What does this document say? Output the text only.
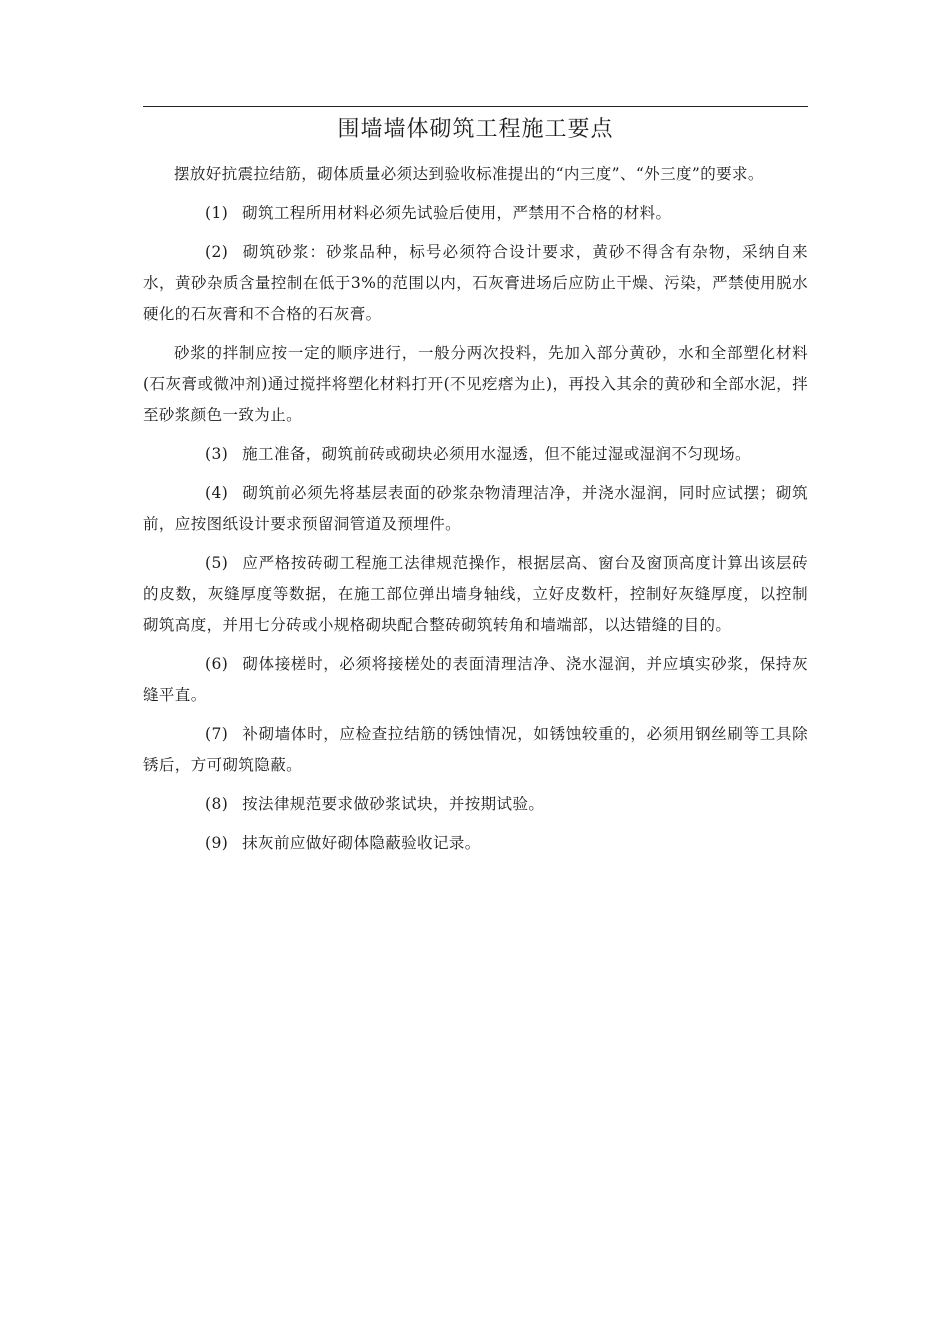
围墙墙体砌筑工程施工要点

摆放好抗震拉结筋，砌体质量必须达到验收标准提出的“内三度”、“外三度”的要求。

(1) 砌筑工程所用材料必须先试验后使用，严禁用不合格的材料。

(2) 砌筑砂浆：砂浆品种，标号必须符合设计要求，黄砂不得含有杂物，采纳自来水，黄砂杂质含量控制在低于3%的范围以内，石灰膏进场后应防止干燥、污染，严禁使用脱水硬化的石灰膏和不合格的石灰膏。

砂浆的拌制应按一定的顺序进行，一般分两次投料，先加入部分黄砂，水和全部塑化材料(石灰膏或微冲剂)通过搅拌将塑化材料打开(不见疙瘩为止)，再投入其余的黄砂和全部水泥，拌至砂浆颜色一致为止。

(3) 施工准备，砌筑前砖或砌块必须用水湿透，但不能过湿或湿润不匀现场。

(4) 砌筑前必须先将基层表面的砂浆杂物清理洁净，并浇水湿润，同时应试摆；砌筑前，应按图纸设计要求预留洞管道及预埋件。

(5) 应严格按砖砌工程施工法律规范操作，根据层高、窗台及窗顶高度计算出该层砖的皮数，灰缝厚度等数据，在施工部位弹出墙身轴线，立好皮数杆，控制好灰缝厚度，以控制砌筑高度，并用七分砖或小规格砌块配合整砖砌筑转角和墙端部，以达错缝的目的。

(6) 砌体接槎时，必须将接槎处的表面清理洁净、浇水湿润，并应填实砂浆，保持灰缝平直。

(7) 补砌墙体时，应检查拉结筋的锈蚀情况，如锈蚀较重的，必须用钢丝刷等工具除锈后，方可砌筑隐蔽。

(8) 按法律规范要求做砂浆试块，并按期试验。

(9) 抹灰前应做好砌体隐蔽验收记录。
